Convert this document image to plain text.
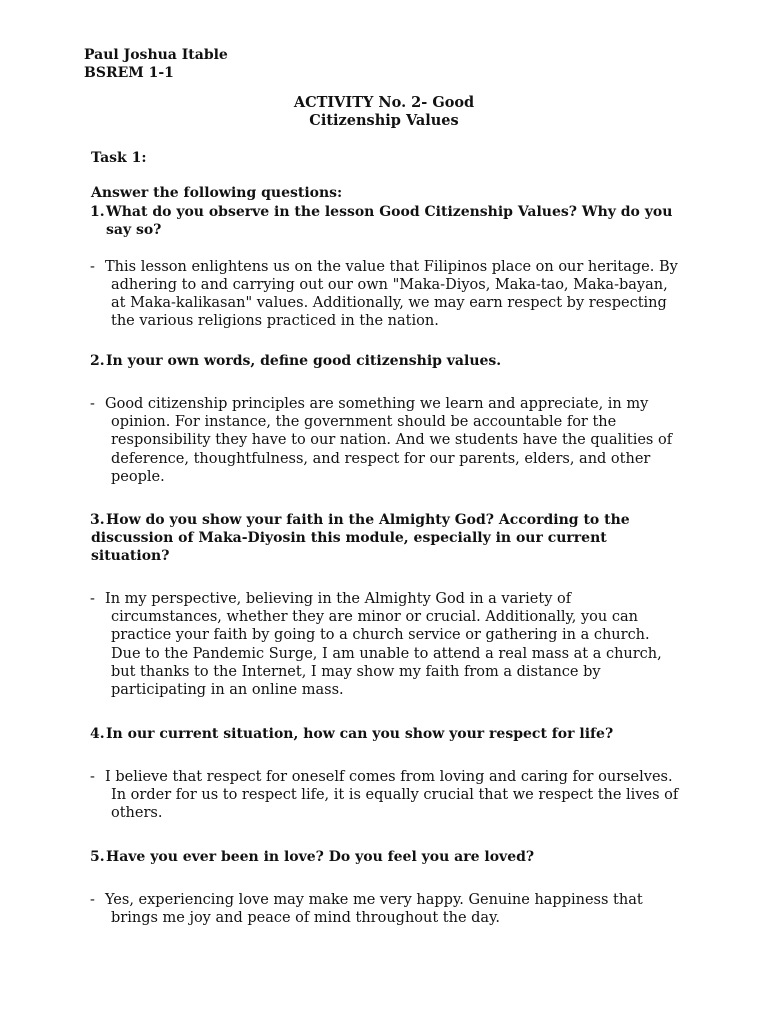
Paul Joshua Itable
BSREM 1-1
ACTIVITY No. 2- Good
Citizenship Values
Task 1:
Answer the following questions:
1. What do you observe in the lesson Good Citizenship Values? Why do you
say so?
- This lesson enlightens us on the value that Filipinos place on our heritage. By
adhering to and carrying out our own "Maka-Diyos, Maka-tao, Maka-bayan,
at Maka-kalikasan" values. Additionally, we may earn respect by respecting
the various religions practiced in the nation.
2. In your own words, define good citizenship values.
- Good citizenship principles are something we learn and appreciate, in my
opinion. For instance, the government should be accountable for the
responsibility they have to our nation. And we students have the qualities of
deference, thoughtfulness, and respect for our parents, elders, and other
people.
3. How do you show your faith in the Almighty God? According to the
discussion of Maka-Diyosin this module, especially in our current
situation?
- In my perspective, believing in the Almighty God in a variety of
circumstances, whether they are minor or crucial. Additionally, you can
practice your faith by going to a church service or gathering in a church.
Due to the Pandemic Surge, I am unable to attend a real mass at a church,
but thanks to the Internet, I may show my faith from a distance by
participating in an online mass.
4. In our current situation, how can you show your respect for life?
- I believe that respect for oneself comes from loving and caring for ourselves.
In order for us to respect life, it is equally crucial that we respect the lives of
others.
5. Have you ever been in love? Do you feel you are loved?
- Yes, experiencing love may make me very happy. Genuine happiness that
brings me joy and peace of mind throughout the day.
